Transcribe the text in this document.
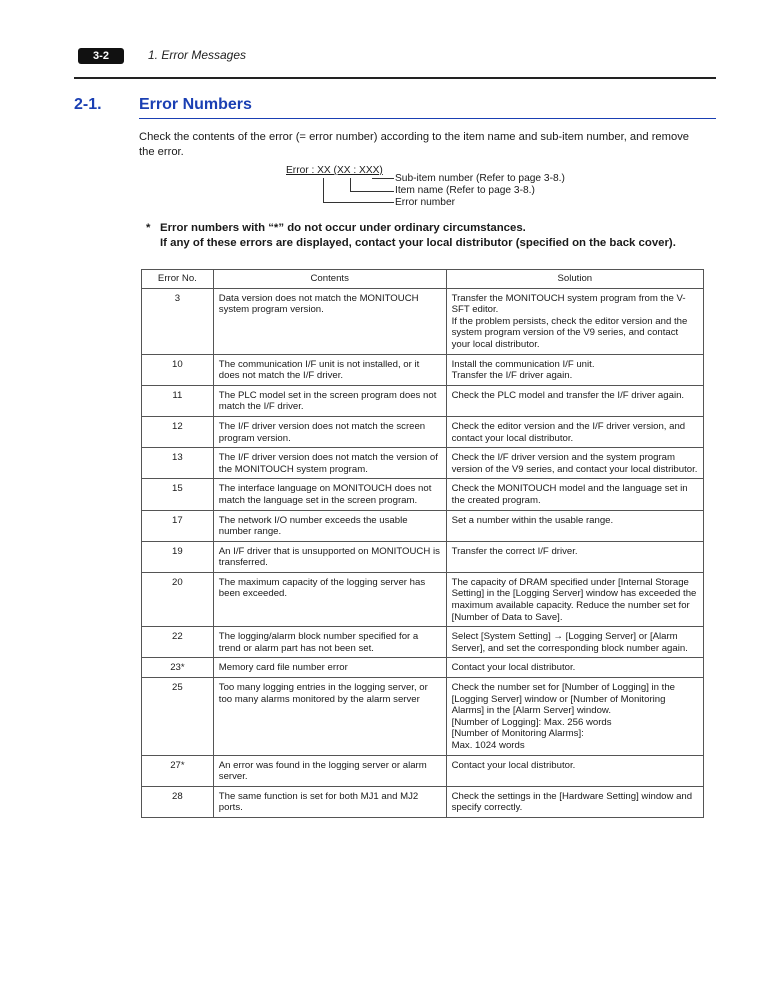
3-2	1. Error Messages
2-1. Error Numbers
Check the contents of the error (= error number) according to the item name and sub-item number, and remove the error.
Error : XX (XX : XXX)
Sub-item number (Refer to page 3-8.)
Item name (Refer to page 3-8.)
Error number
* Error numbers with “*” do not occur under ordinary circumstances.
If any of these errors are displayed, contact your local distributor (specified on the back cover).
Error No.	Contents	Solution
3	Data version does not match the MONITOUCH system program version.	Transfer the MONITOUCH system program from the V-SFT editor.
If the problem persists, check the editor version and the system program version of the V9 series, and contact your local distributor.
10	The communication I/F unit is not installed, or it does not match the I/F driver.	Install the communication I/F unit.
Transfer the I/F driver again.
11	The PLC model set in the screen program does not match the I/F driver.	Check the PLC model and transfer the I/F driver again.
12	The I/F driver version does not match the screen program version.	Check the editor version and the I/F driver version, and contact your local distributor.
13	The I/F driver version does not match the version of the MONITOUCH system program.	Check the I/F driver version and the system program version of the V9 series, and contact your local distributor.
15	The interface language on MONITOUCH does not match the language set in the screen program.	Check the MONITOUCH model and the language set in the created program.
17	The network I/O number exceeds the usable number range.	Set a number within the usable range.
19	An I/F driver that is unsupported on MONITOUCH is transferred.	Transfer the correct I/F driver.
20	The maximum capacity of the logging server has been exceeded.	The capacity of DRAM specified under [Internal Storage Setting] in the [Logging Server] window has exceeded the maximum available capacity. Reduce the number set for [Number of Data to Save].
22	The logging/alarm block number specified for a trend or alarm part has not been set.	Select [System Setting] → [Logging Server] or [Alarm Server], and set the corresponding block number again.
23*	Memory card file number error	Contact your local distributor.
25	Too many logging entries in the logging server, or too many alarms monitored by the alarm server	Check the number set for [Number of Logging] in the [Logging Server] window or [Number of Monitoring Alarms] in the [Alarm Server] window.
[Number of Logging]: Max. 256 words
[Number of Monitoring Alarms]:
Max. 1024 words
27*	An error was found in the logging server or alarm server.	Contact your local distributor.
28	The same function is set for both MJ1 and MJ2 ports.	Check the settings in the [Hardware Setting] window and specify correctly.
